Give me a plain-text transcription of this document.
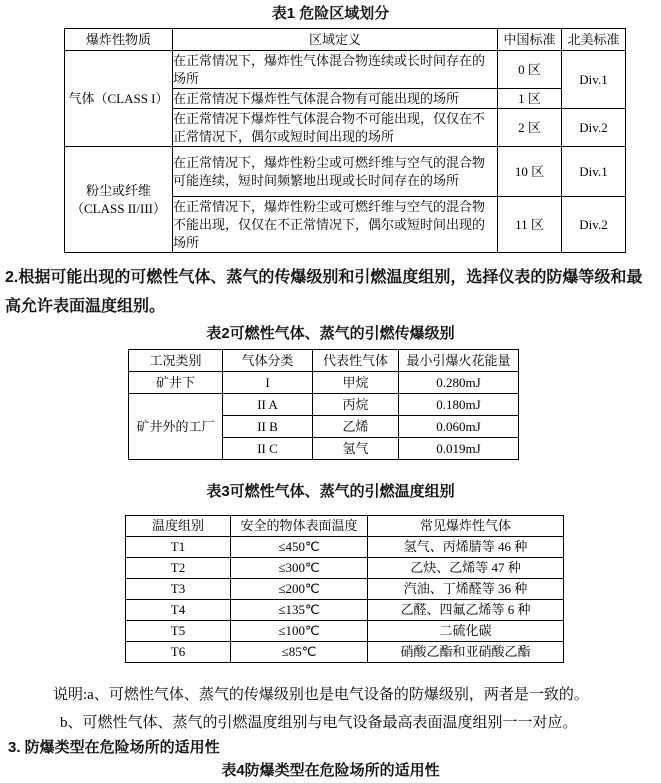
表1 危险区域划分
爆炸性物质	区域定义	中国标准	北美标准

气体（CLASS I）	在正常情况下，爆炸性气体混合物连续或长时间存在的场所	0 区	Div.1
	在正常情况下爆炸性气体混合物有可能出现的场所	1 区	
	在正常情况下爆炸性气体混合物不可能出现，仅仅在不正常情况下，偶尔或短时间出现的场所	2 区	Div.2

粉尘或纤维
（CLASS II/III）	在正常情况下，爆炸性粉尘或可燃纤维与空气的混合物可能连续，短时间频繁地出现或长时间存在的场所	10 区	Div.1
	在正常情况下，爆炸性粉尘或可燃纤维与空气的混合物不能出现，仅仅在不正常情况下，偶尔或短时间出现的场所	11 区	Div.2

2.根据可能出现的可燃性气体、蒸气的传爆级别和引燃温度组别，选择仪表的防爆等级和最高允许表面温度组别。

表2可燃性气体、蒸气的引燃传爆级别
工况类别	气体分类	代表性气体	最小引爆火花能量
矿井下	I	甲烷	0.280mJ
矿井外的工厂	II A	丙烷	0.180mJ
	II B	乙烯	0.060mJ
	II C	氢气	0.019mJ
表3可燃性气体、蒸气的引燃温度组别
温度组别	安全的物体表面温度	常见爆炸性气体
T1	≤450℃	氢气、丙烯腈等 46 种
T2	≤300℃	乙炔、乙烯等 47 种
T3	≤200℃	汽油、丁烯醛等 36 种
T4	≤135℃	乙醛、四氟乙烯等 6 种
T5	≤100℃	二硫化碳
T6	≤85℃	硝酸乙酯和亚硝酸乙酯
说明:a、可燃性气体、蒸气的传爆级别也是电气设备的防爆级别，两者是一致的。
b、可燃性气体、蒸气的引燃温度组别与电气设备最高表面温度组别一一对应。
3. 防爆类型在危险场所的适用性
表4防爆类型在危险场所的适用性
